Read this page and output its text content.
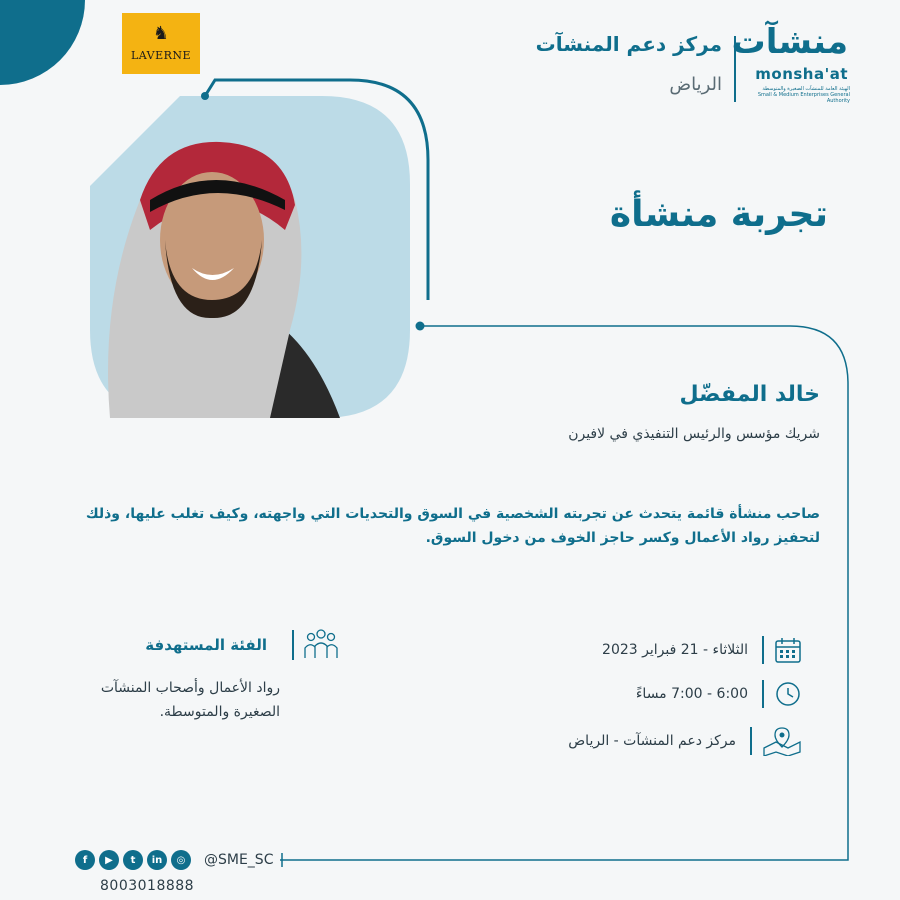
♞
LAVERNE	مركز دعم المنشآت
الرياض
منشآت
monsha'at
الهيئة العامة للمنشآت الصغيرة والمتوسطة Small & Medium Enterprises General Authority
تجربة منشأة
خالد المفضّل
شريك مؤسس والرئيس التنفيذي في لافيرن
صاحب منشأة قائمة يتحدث عن تجربته الشخصية في السوق والتحديات التي واجهته، وكيف تغلب عليها، وذلك لتحفيز رواد الأعمال وكسر حاجز الخوف من دخول السوق.
الثلاثاء - 21 فبراير 2023
6:00 - 7:00 مساءً
مركز دعم المنشآت - الرياض
الفئة المستهدفة
رواد الأعمال وأصحاب المنشآت الصغيرة والمتوسطة.
f	▶	t	in	◎	@SME_SC
8003018888
